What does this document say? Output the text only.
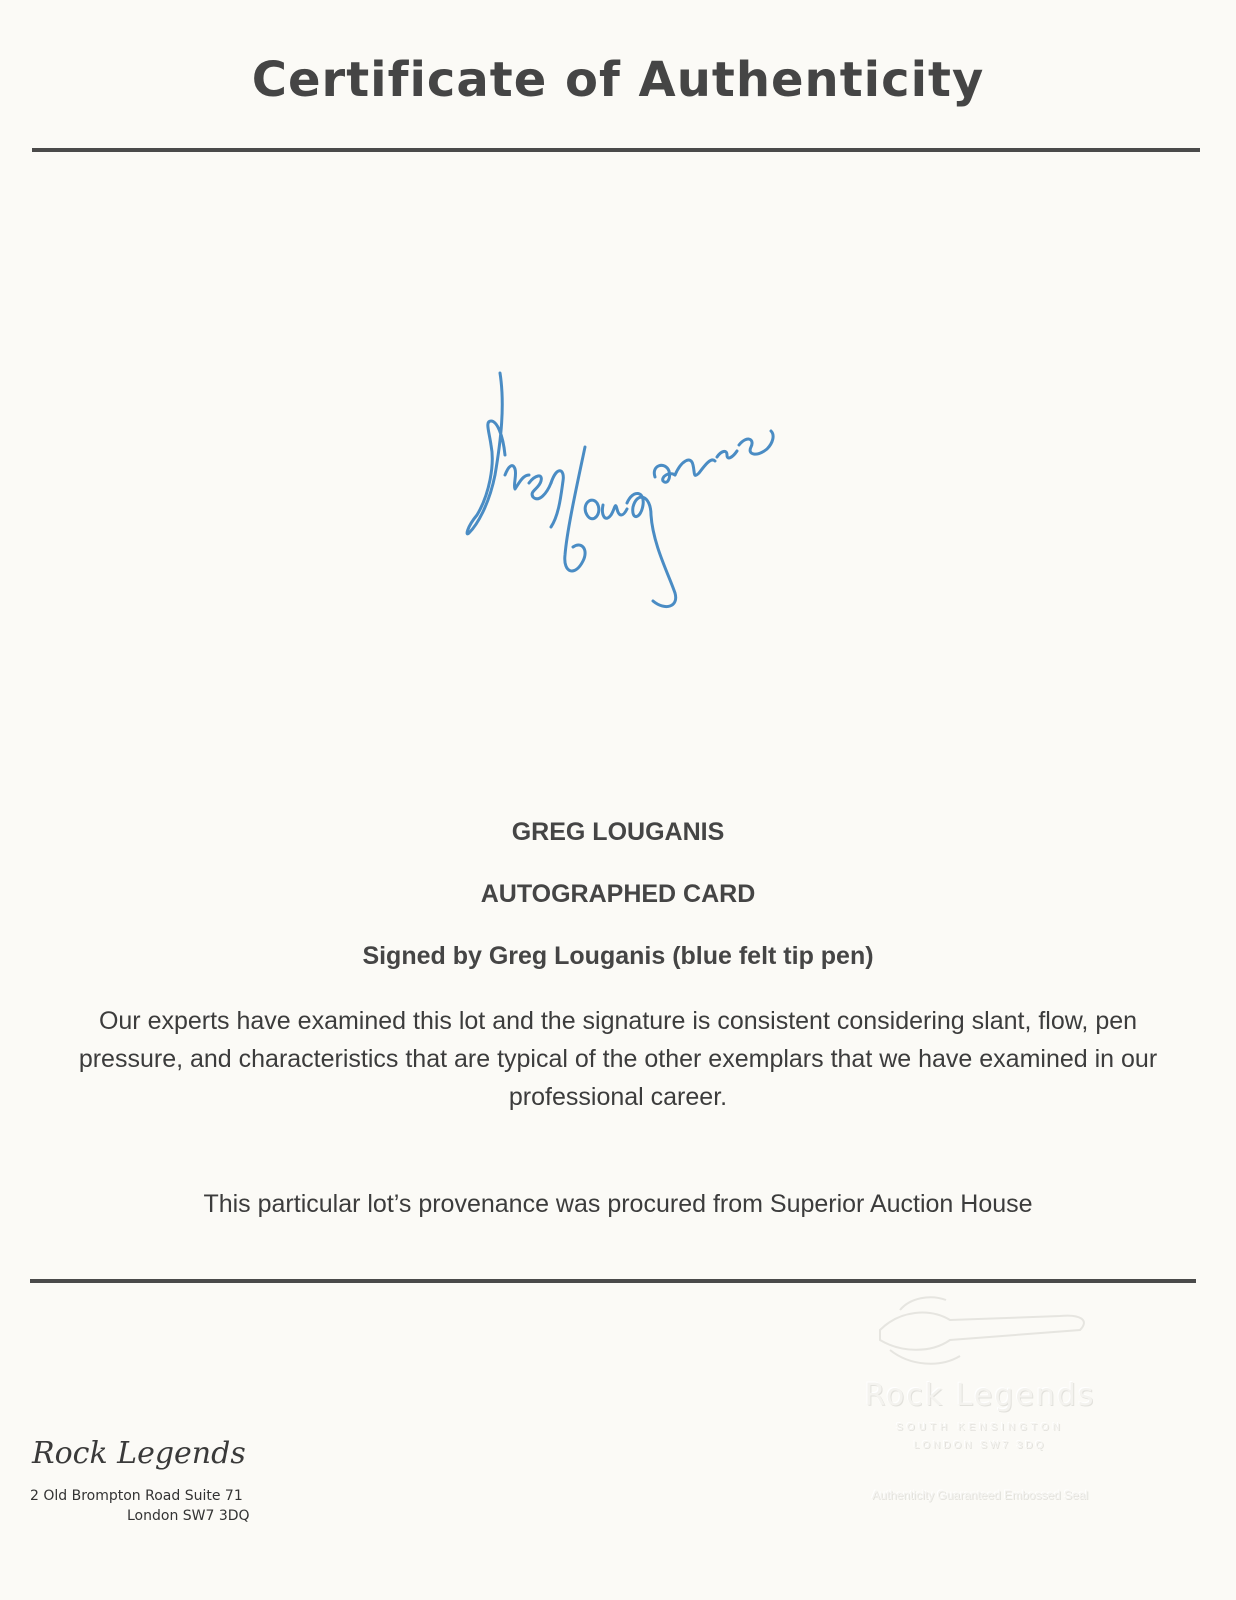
Certificate of Authenticity
GREG LOUGANIS
AUTOGRAPHED CARD
Signed by Greg Louganis (blue felt tip pen)
Our experts have examined this lot and the signature is consistent considering slant, flow, pen pressure, and characteristics that are typical of the other exemplars that we have examined in our professional career.
This particular lot’s provenance was procured from Superior Auction House
Rock Legends
SOUTH KENSINGTON
LONDON SW7 3DQ
Authenticity Guaranteed Embossed Seal
Rock Legends
2 Old Brompton Road Suite 71
London SW7 3DQ
